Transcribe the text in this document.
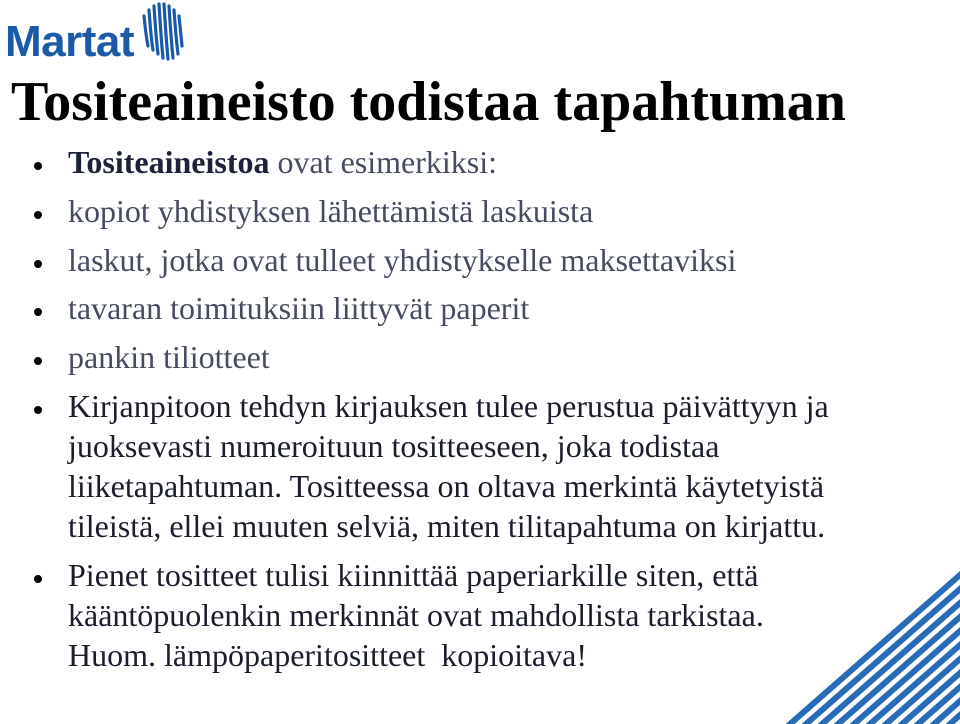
Martat
Tositeaineisto todistaa tapahtuman
Tositeaineistoa ovat esimerkiksi:
kopiot yhdistyksen lähettämistä laskuista
laskut, jotka ovat tulleet yhdistykselle maksettaviksi
tavaran toimituksiin liittyvät paperit
pankin tiliotteet
Kirjanpitoon tehdyn kirjauksen tulee perustua päivättyyn ja
juoksevasti numeroituun tositteeseen, joka todistaa
liiketapahtuman. Tositteessa on oltava merkintä käytetyistä
tileistä, ellei muuten selviä, miten tilitapahtuma on kirjattu.
Pienet tositteet tulisi kiinnittää paperiarkille siten, että
kääntöpuolenkin merkinnät ovat mahdollista tarkistaa.
Huom. lämpöpaperitositteet  kopioitava!
